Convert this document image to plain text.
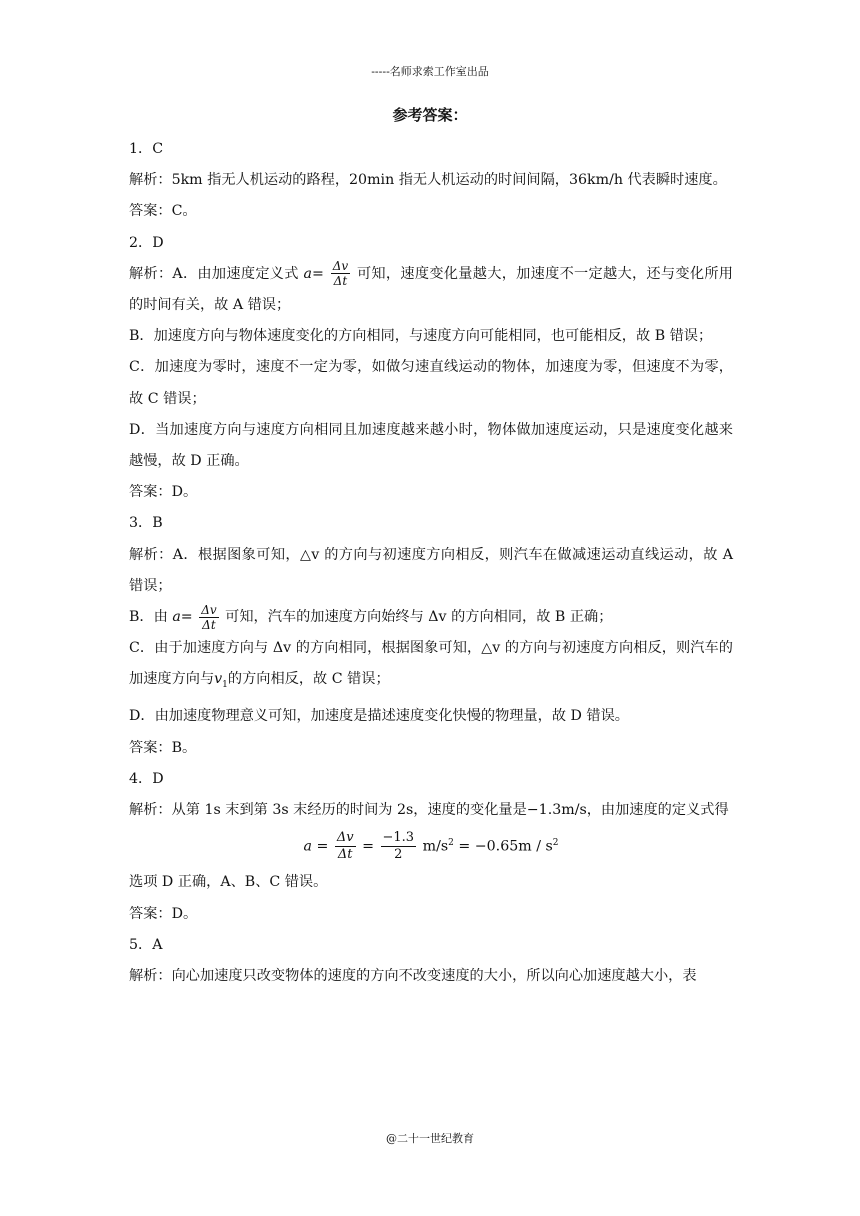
-----名师求索工作室出品
参考答案：
1．C
解析：5km 指无人机运动的路程，20min 指无人机运动的时间间隔，36km/h 代表瞬时速度。
答案：C。
2．D
解析：A．由加速度定义式 $a= \frac{\Delta v}{\Delta t}$ 可知，速度变化量越大，加速度不一定越大，还与变化所用的时间有关，故 A 错误；
B．加速度方向与物体速度变化的方向相同，与速度方向可能相同，也可能相反，故 B 错误；
C．加速度为零时，速度不一定为零，如做匀速直线运动的物体，加速度为零，但速度不为零，故 C 错误；
D．当加速度方向与速度方向相同且加速度越来越小时，物体做加速度运动，只是速度变化越来越慢，故 D 正确。
答案：D。
3．B
解析：A．根据图象可知，△v 的方向与初速度方向相反，则汽车在做减速运动直线运动，故 A 错误；
B．由 $a= \frac{\Delta v}{\Delta t}$ 可知，汽车的加速度方向始终与 Δv 的方向相同，故 B 正确；
C．由于加速度方向与 Δv 的方向相同，根据图象可知，△v 的方向与初速度方向相反，则汽车的加速度方向与$v_1$的方向相反，故 C 错误；
D．由加速度物理意义可知，加速度是描述速度变化快慢的物理量，故 D 错误。
答案：B。
4．D
解析：从第 1s 末到第 3s 末经历的时间为 2s，速度的变化量是−1.3m/s，由加速度的定义式得
$a = \frac{\Delta v}{\Delta t} = \frac{-1.3}{2} m/s^2 = -0.65m / s^2$
选项 D 正确，A、B、C 错误。
答案：D。
5．A
解析：向心加速度只改变物体的速度的方向不改变速度的大小，所以向心加速度越大小，表
@二十一世纪教育
